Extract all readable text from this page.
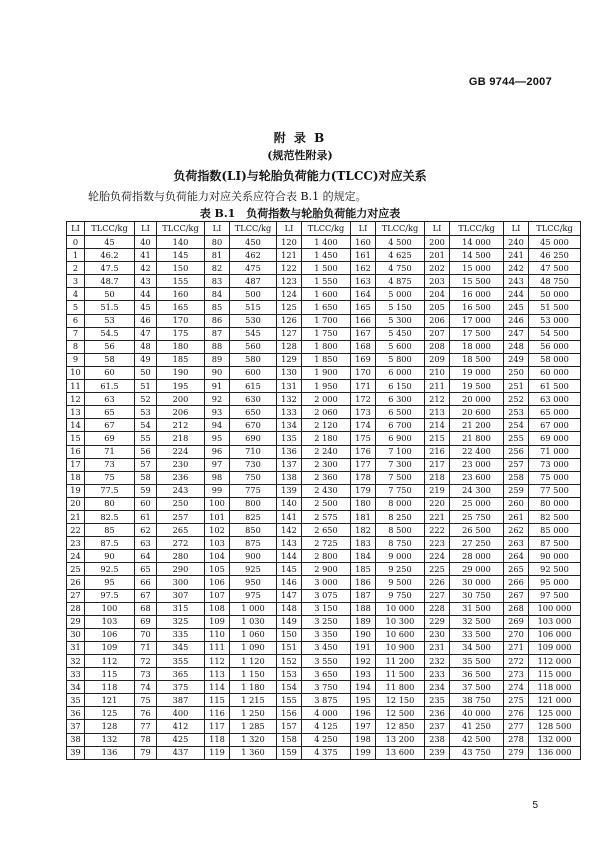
GB 9744—2007
附 录 B
(规范性附录)
负荷指数(LI)与轮胎负荷能力(TLCC)对应关系
轮胎负荷指数与负荷能力对应关系应符合表 B.1 的规定。
表 B.1　负荷指数与轮胎负荷能力对应表
LI	TLCC/kg	LI	TLCC/kg	LI	TLCC/kg	LI	TLCC/kg	LI	TLCC/kg	LI	TLCC/kg	LI	TLCC/kg
0	45	40	140	80	450	120	1 400	160	4 500	200	14 000	240	45 000
1	46.2	41	145	81	462	121	1 450	161	4 625	201	14 500	241	46 250
2	47.5	42	150	82	475	122	1 500	162	4 750	202	15 000	242	47 500
3	48.7	43	155	83	487	123	1 550	163	4 875	203	15 500	243	48 750
4	50	44	160	84	500	124	1 600	164	5 000	204	16 000	244	50 000
5	51.5	45	165	85	515	125	1 650	165	5 150	205	16 500	245	51 500
6	53	46	170	86	530	126	1 700	166	5 300	206	17 000	246	53 000
7	54.5	47	175	87	545	127	1 750	167	5 450	207	17 500	247	54 500
8	56	48	180	88	560	128	1 800	168	5 600	208	18 000	248	56 000
9	58	49	185	89	580	129	1 850	169	5 800	209	18 500	249	58 000
10	60	50	190	90	600	130	1 900	170	6 000	210	19 000	250	60 000
11	61.5	51	195	91	615	131	1 950	171	6 150	211	19 500	251	61 500
12	63	52	200	92	630	132	2 000	172	6 300	212	20 000	252	63 000
13	65	53	206	93	650	133	2 060	173	6 500	213	20 600	253	65 000
14	67	54	212	94	670	134	2 120	174	6 700	214	21 200	254	67 000
15	69	55	218	95	690	135	2 180	175	6 900	215	21 800	255	69 000
16	71	56	224	96	710	136	2 240	176	7 100	216	22 400	256	71 000
17	73	57	230	97	730	137	2 300	177	7 300	217	23 000	257	73 000
18	75	58	236	98	750	138	2 360	178	7 500	218	23 600	258	75 000
19	77.5	59	243	99	775	139	2 430	179	7 750	219	24 300	259	77 500
20	80	60	250	100	800	140	2 500	180	8 000	220	25 000	260	80 000
21	82.5	61	257	101	825	141	2 575	181	8 250	221	25 750	261	82 500
22	85	62	265	102	850	142	2 650	182	8 500	222	26 500	262	85 000
23	87.5	63	272	103	875	143	2 725	183	8 750	223	27 250	263	87 500
24	90	64	280	104	900	144	2 800	184	9 000	224	28 000	264	90 000
25	92.5	65	290	105	925	145	2 900	185	9 250	225	29 000	265	92 500
26	95	66	300	106	950	146	3 000	186	9 500	226	30 000	266	95 000
27	97.5	67	307	107	975	147	3 075	187	9 750	227	30 750	267	97 500
28	100	68	315	108	1 000	148	3 150	188	10 000	228	31 500	268	100 000
29	103	69	325	109	1 030	149	3 250	189	10 300	229	32 500	269	103 000
30	106	70	335	110	1 060	150	3 350	190	10 600	230	33 500	270	106 000
31	109	71	345	111	1 090	151	3 450	191	10 900	231	34 500	271	109 000
32	112	72	355	112	1 120	152	3 550	192	11 200	232	35 500	272	112 000
33	115	73	365	113	1 150	153	3 650	193	11 500	233	36 500	273	115 000
34	118	74	375	114	1 180	154	3 750	194	11 800	234	37 500	274	118 000
35	121	75	387	115	1 215	155	3 875	195	12 150	235	38 750	275	121 000
36	125	76	400	116	1 250	156	4 000	196	12 500	236	40 000	276	125 000
37	128	77	412	117	1 285	157	4 125	197	12 850	237	41 250	277	128 500
38	132	78	425	118	1 320	158	4 250	198	13 200	238	42 500	278	132 000
39	136	79	437	119	1 360	159	4 375	199	13 600	239	43 750	279	136 000
5
